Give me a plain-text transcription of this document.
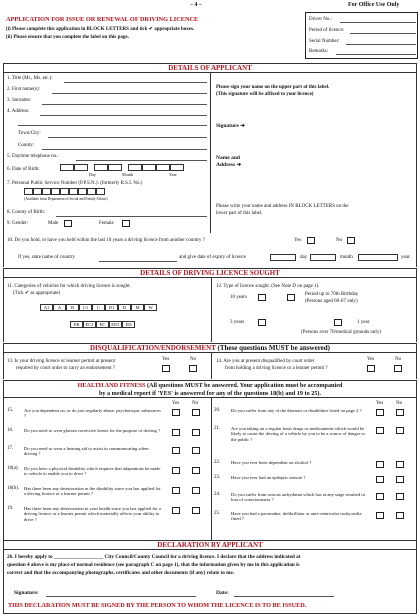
– 4 –	For Office Use Only
Driver No.:
Period of licence:
Serial Number:
Remarks:
APPLICATION FOR ISSUE OR RENEWAL OF DRIVING LICENCE
(i) Please complete this application in BLOCK LETTERS and tick ✔ appropriate boxes.
(ii) Please ensure that you complete the label on this page.
DETAILS OF APPLICANT
1. Title (Mr., Ms. etc.):
2. First name(s):
3. Surname:
4. Address:
Town/City:
County:
5. Daytime telephone no.:
6. Date of Birth:
Day	Month	Year
7. Personal Public Service Number (P.P.S.N.): (formerly R.S.I. No.)
(Available from Department of Social and Family Affairs)
8. County of Birth:
9. Gender:	Male	Female
Please sign your name on the upper part of this label.
(This signature will be affixed to your licence)
Signature ➔
Name and
Address ➔
Please write your name and address IN BLOCK LETTERS on the
lower part of this label.
10. Do you hold, or have you held within the last 10 years a driving licence from another country ?	Yes	No
If yes, state name of country	and give date of expiry of licence	day	month	year.
DETAILS OF DRIVING LICENCE SOUGHT
11. Categories of vehicles for which driving licence is sought.
(Tick ✔ as appropriate)
A1 A B C1 C D1 D M W
EB EC1 EC ED1 ED
12. Type of licence sought. (See Note D on page 1).
10 years
Period up to 70th Birthday
(Persons aged 60-67 only)
3 years	1 year
(Persons over 70/medical grounds only)
DISQUALIFICATION/ENDORSEMENT (These questions MUST be answered)
13. Is your driving licence or learner permit at present
required by court order to carry an endorsement ?
Yes	No	14. Are you at present disqualified by court order
from holding a driving licence or a learner permit ?
Yes	No
HEALTH AND FITNESS (All questions MUST be answered. Your application must be accompanied
by a medical report if 'YES' is answered for any of the questions 18(b) and 19 to 25).
Yes	No	Yes	No
15. Are you dependent on, or do you regularly abuse, psychotropic substances ?
16. Do you need to wear glasses/corrective lenses for the purpose of driving ?
17. Do you need to wear a hearing aid to assist in communicating when driving ?
18(a). Do you have a physical disability which requires that adaptations be made to vehicle to enable you to drive ?
18(b). Has there been any deterioration in the disability since you last applied for a driving licence or a learner permit ?
19. Has there been any deterioration in your health since you last applied for a driving licence or a learner permit which materially affects your ability to drive ?
20. Do you suffer from any of the diseases or disabilities listed on page 2 ?
21. Are you taking on a regular basis drugs or medicaments which would be likely to cause the driving of a vehicle by you to be a source of danger to the public ?
22. Have you ever been dependent on alcohol ?
23. Have you ever had an epileptic seizure ?
24. Do you suffer from serious arrhythmia which has at any stage resulted in loss of consciousness ?
25. Have you had a pacemaker, defibrillator or anti-ventricular tachycardia fitted ?
DECLARATION BY APPLICANT
26. I hereby apply to ___________________ City Council/County Council for a driving licence. I declare that the address indicated at
question 4 above is my place of normal residence (see paragraph C on page 1), that the information given by me in this application is
correct and that the accompanying photographs, certificates and other documents (if any) relate to me.
Signature:	Date:
THIS DECLARATION MUST BE SIGNED BY THE PERSON TO WHOM THE LICENCE IS TO BE ISSUED.
